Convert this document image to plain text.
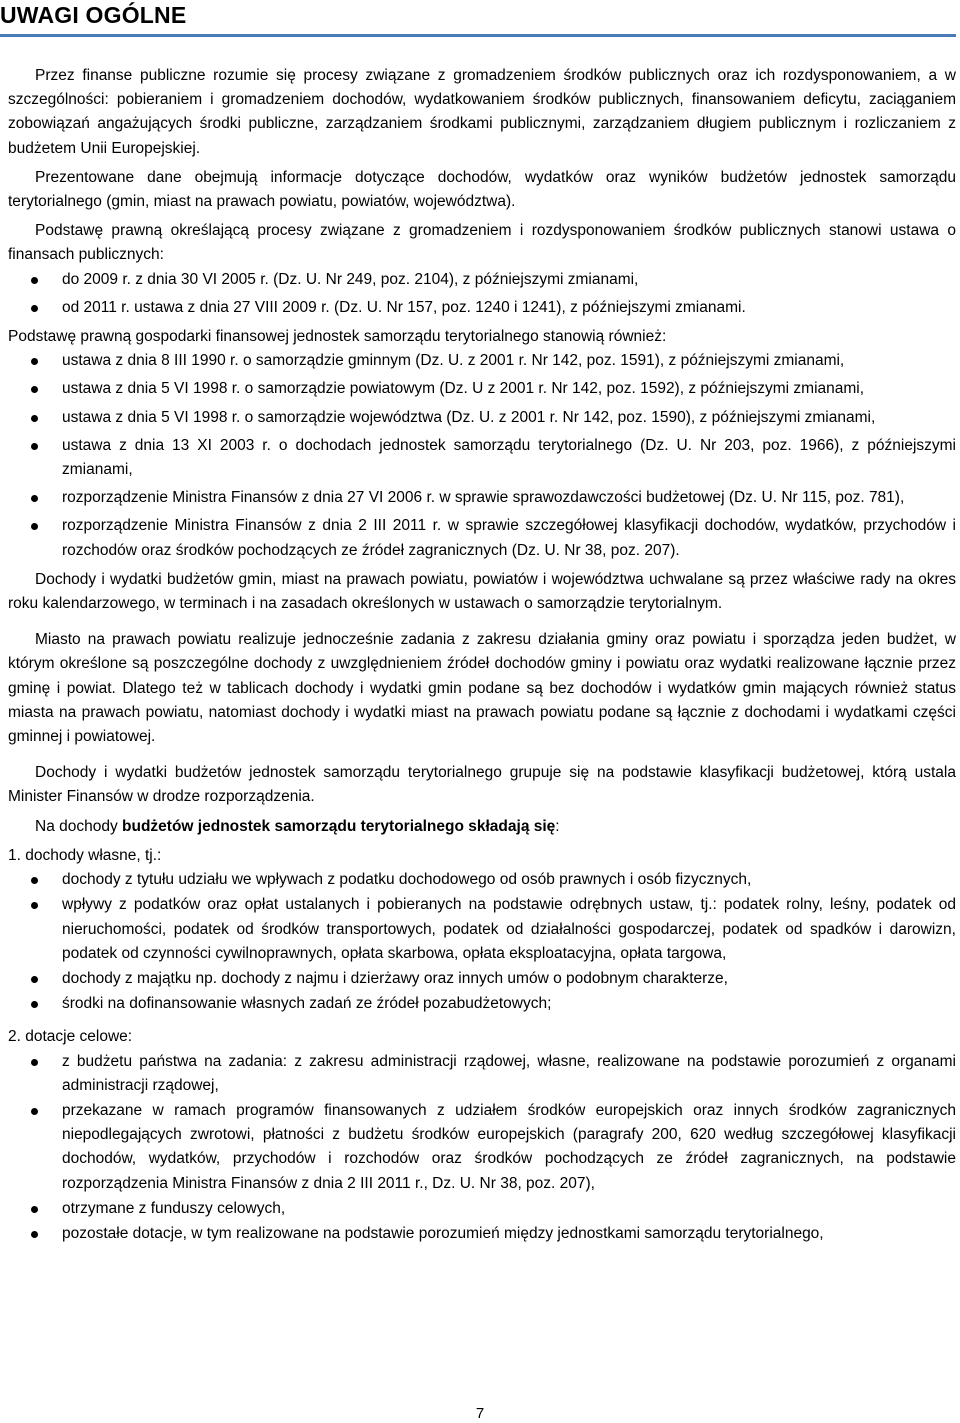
UWAGI OGÓLNE

Przez finanse publiczne rozumie się procesy związane z gromadzeniem środków publicznych oraz ich rozdysponowaniem, a w szczególności: pobieraniem i gromadzeniem dochodów, wydatkowaniem środków publicznych, finansowaniem deficytu, zaciąganiem zobowiązań angażujących środki publiczne, zarządzaniem środkami publicznymi, zarządzaniem długiem publicznym i rozliczaniem z budżetem Unii Europejskiej.

Prezentowane dane obejmują informacje dotyczące dochodów, wydatków oraz wyników budżetów jednostek samorządu terytorialnego (gmin, miast na prawach powiatu, powiatów, województwa).

Podstawę prawną określającą procesy związane z gromadzeniem i rozdysponowaniem środków publicznych stanowi ustawa o finansach publicznych:

do 2009 r. z dnia 30 VI 2005 r. (Dz. U. Nr 249, poz. 2104), z późniejszymi zmianami,
od 2011 r. ustawa z dnia 27 VIII 2009 r. (Dz. U. Nr 157, poz. 1240 i 1241), z późniejszymi zmianami.

Podstawę prawną gospodarki finansowej jednostek samorządu terytorialnego stanowią również:

ustawa z dnia 8 III 1990 r. o samorządzie gminnym (Dz. U. z 2001 r. Nr 142, poz. 1591), z późniejszymi zmianami,
ustawa z dnia 5 VI 1998 r. o samorządzie powiatowym (Dz. U z 2001 r. Nr 142, poz. 1592), z późniejszymi zmianami,
ustawa z dnia 5 VI 1998 r. o samorządzie województwa (Dz. U. z 2001 r. Nr 142, poz. 1590), z późniejszymi zmianami,
ustawa z dnia 13 XI 2003 r. o dochodach jednostek samorządu terytorialnego (Dz. U. Nr 203, poz. 1966), z późniejszymi zmianami,
rozporządzenie Ministra Finansów z dnia 27 VI 2006 r. w sprawie sprawozdawczości budżetowej (Dz. U. Nr 115, poz. 781),
rozporządzenie Ministra Finansów z dnia 2 III 2011 r. w sprawie szczegółowej klasyfikacji dochodów, wydatków, przychodów i rozchodów oraz środków pochodzących ze źródeł zagranicznych (Dz. U. Nr 38, poz. 207).

Dochody i wydatki budżetów gmin, miast na prawach powiatu, powiatów i województwa uchwalane są przez właściwe rady na okres roku kalendarzowego, w terminach i na zasadach określonych w ustawach o samorządzie terytorialnym.

Miasto na prawach powiatu realizuje jednocześnie zadania z zakresu działania gminy oraz powiatu i sporządza jeden budżet, w którym określone są poszczególne dochody z uwzględnieniem źródeł dochodów gminy i powiatu oraz wydatki realizowane łącznie przez gminę i powiat. Dlatego też w tablicach dochody i wydatki gmin podane są bez dochodów i wydatków gmin mających również status miasta na prawach powiatu, natomiast dochody i wydatki miast na prawach powiatu podane są łącznie z dochodami i wydatkami części gminnej i powiatowej.

Dochody i wydatki budżetów jednostek samorządu terytorialnego grupuje się na podstawie klasyfikacji budżetowej, którą ustala Minister Finansów w drodze rozporządzenia.

Na dochody budżetów jednostek samorządu terytorialnego składają się:

1. dochody własne, tj.:

dochody z tytułu udziału we wpływach z podatku dochodowego od osób prawnych i osób fizycznych,
wpływy z podatków oraz opłat ustalanych i pobieranych na podstawie odrębnych ustaw, tj.: podatek rolny, leśny, podatek od nieruchomości, podatek od środków transportowych, podatek od działalności gospodarczej, podatek od spadków i darowizn, podatek od czynności cywilnoprawnych, opłata skarbowa, opłata eksploatacyjna, opłata targowa,
dochody z majątku np. dochody z najmu i dzierżawy oraz innych umów o podobnym charakterze,
środki na dofinansowanie własnych zadań ze źródeł pozabudżetowych;

2. dotacje celowe:

z budżetu państwa na zadania: z zakresu administracji rządowej, własne, realizowane na podstawie porozumień z organami administracji rządowej,
przekazane w ramach programów finansowanych z udziałem środków europejskich oraz innych środków zagranicznych niepodlegających zwrotowi, płatności z budżetu środków europejskich (paragrafy 200, 620 według szczegółowej klasyfikacji dochodów, wydatków, przychodów i rozchodów oraz środków pochodzących ze źródeł zagranicznych, na podstawie rozporządzenia Ministra Finansów z dnia 2 III 2011 r., Dz. U. Nr 38, poz. 207),
otrzymane z funduszy celowych,
pozostałe dotacje, w tym realizowane na podstawie porozumień między jednostkami samorządu terytorialnego,
7
